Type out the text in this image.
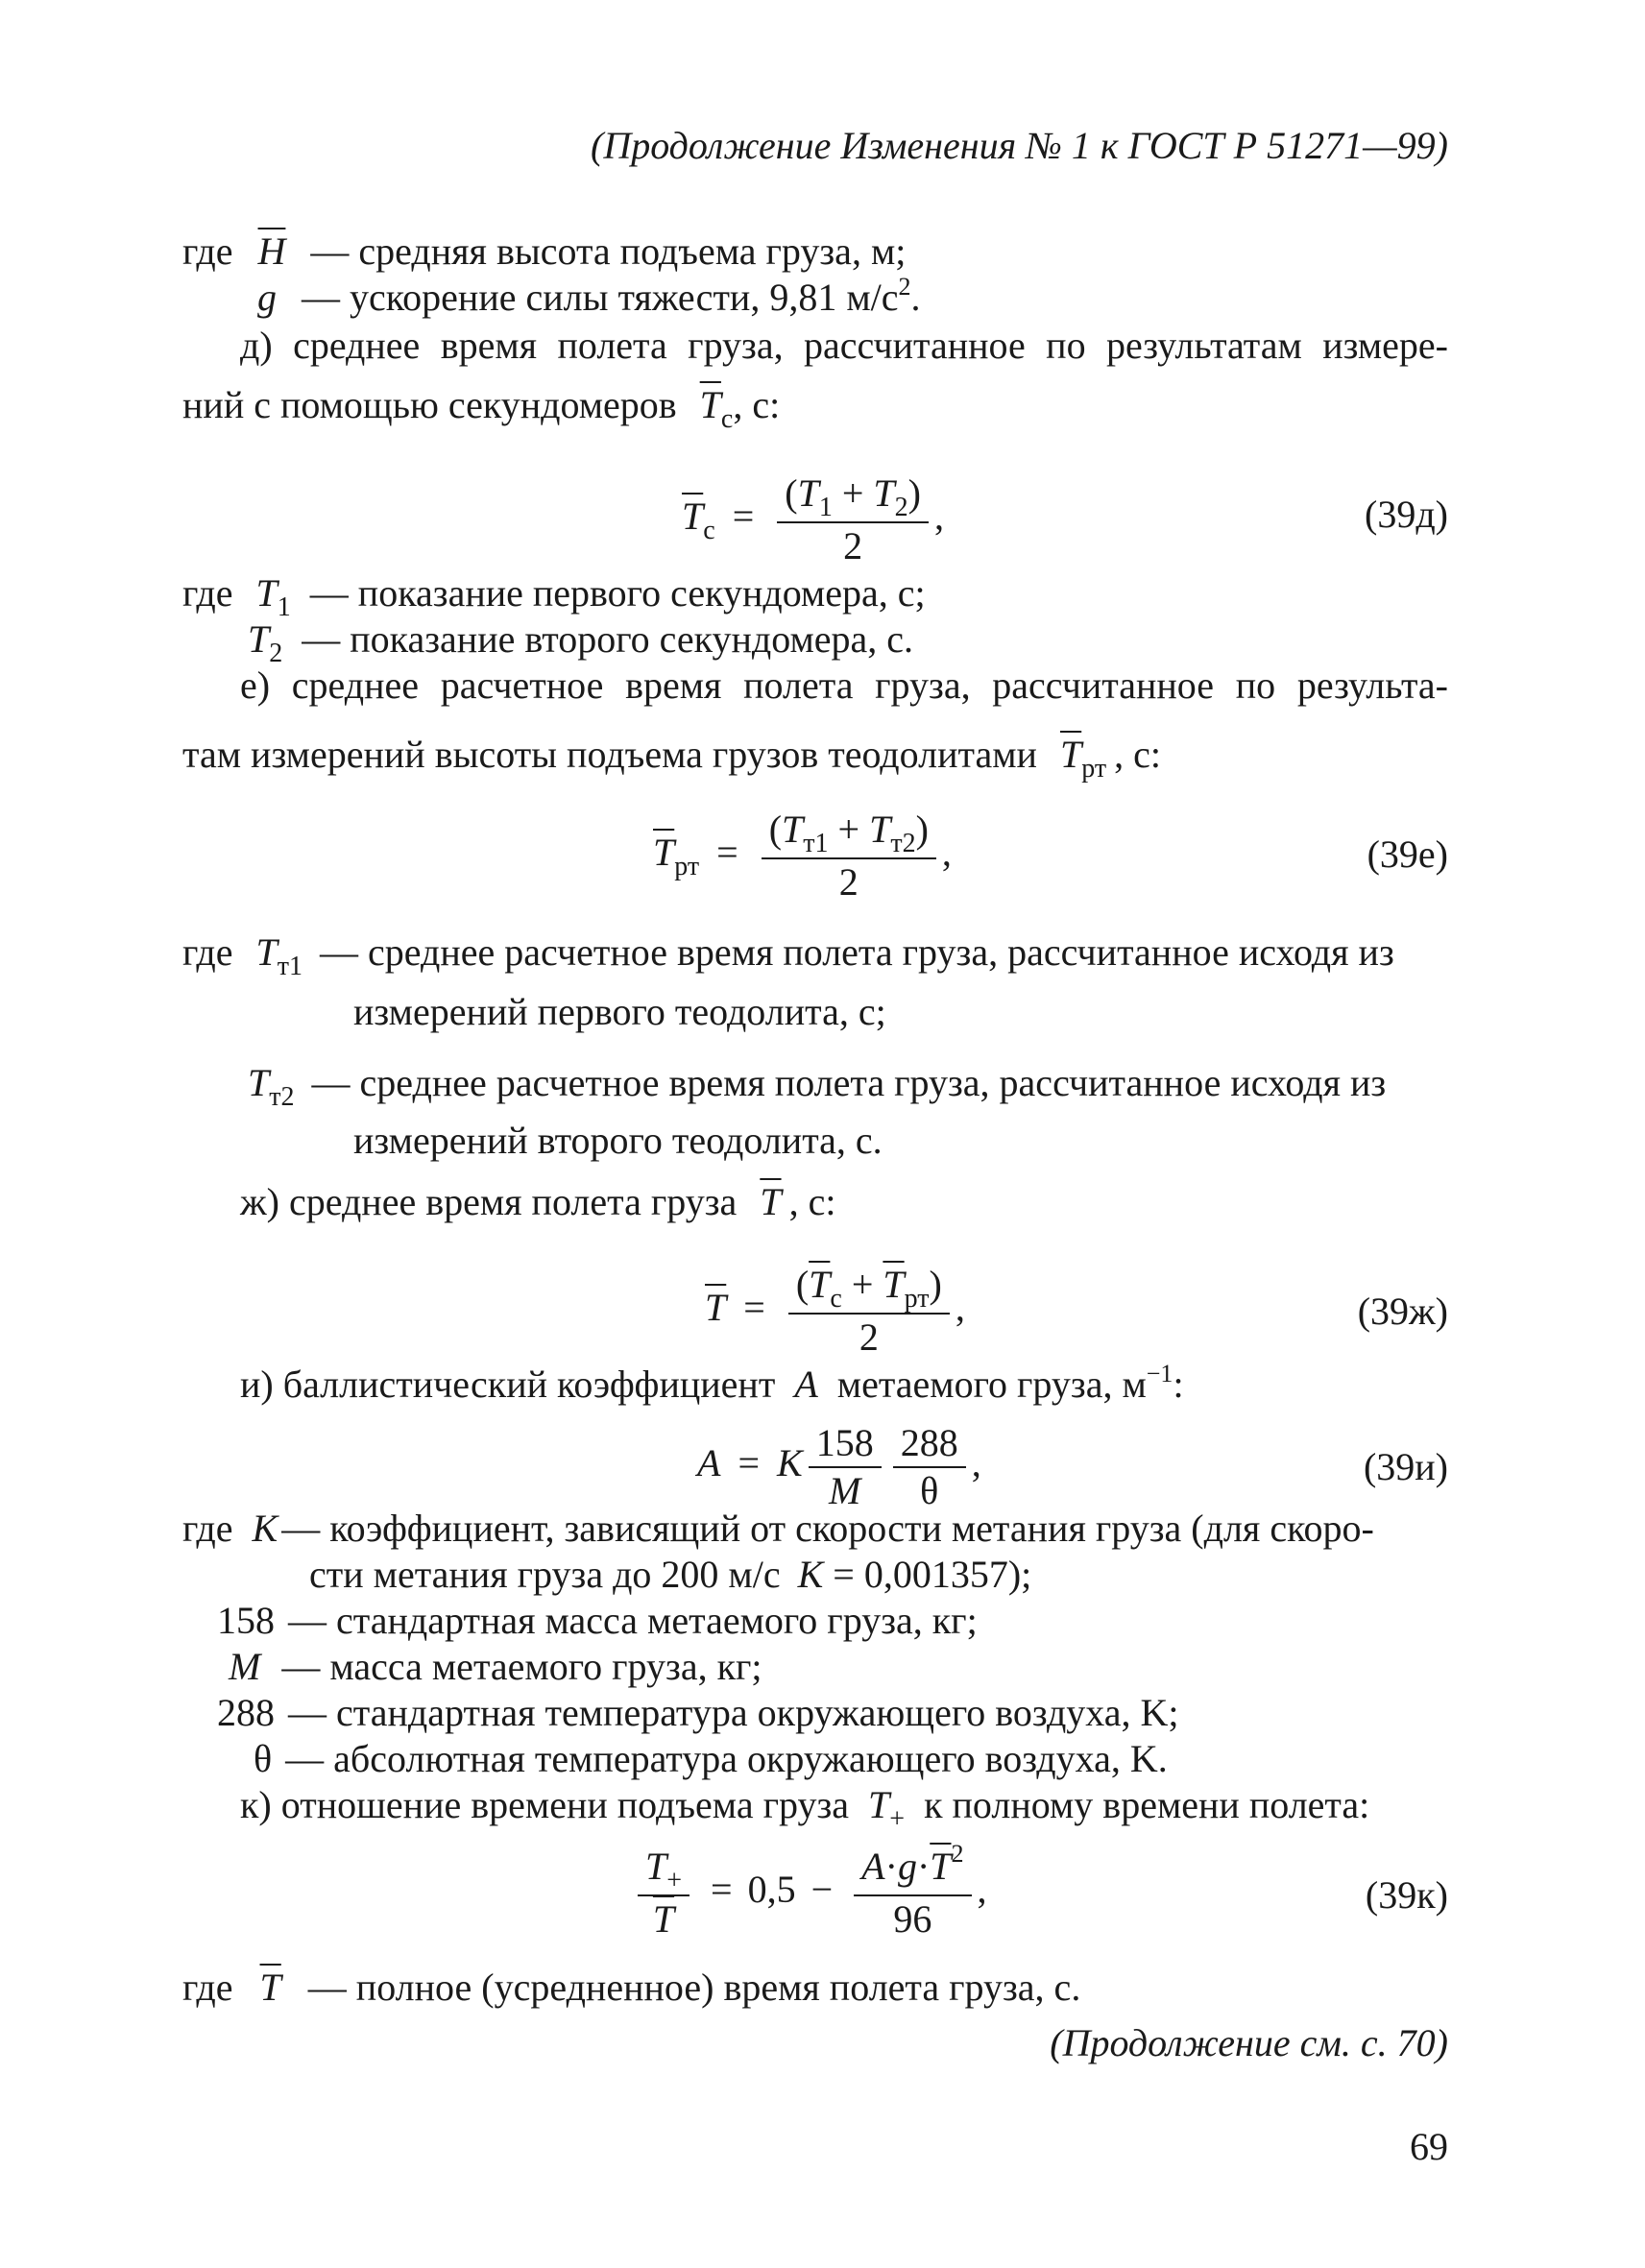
(Продолжение Изменения № 1 к ГОСТ Р 51271—99)
где $\overline{H}$ — средняя высота подъема груза, м;
g — ускорение силы тяжести, 9,81 $м/с^2$.
д) среднее время полета груза, рассчитанное по результатам измере-
ний с помощью секундомеров $\overline{T}_с$, с:
$\overline{T}_с = \frac{(T_1 + T_2)}{2}$ ,	(39д)
где $T_1$ — показание первого секундомера, с;
$T_2$ — показание второго секундомера, с.
е) среднее расчетное время полета груза, рассчитанное по результа-
там измерений высоты подъема грузов теодолитами $\overline{T}_{рт}$ , с:
$\overline{T}_{рт} = \frac{(T_{т1} + T_{т2})}{2}$ ,	(39е)
где $T_{т1}$ — среднее расчетное время полета груза, рассчитанное исходя из
измерений первого теодолита, с;
$T_{т2}$ — среднее расчетное время полета груза, рассчитанное исходя из
измерений второго теодолита, с.
ж) среднее время полета груза $\overline{T}$ , с:
$\overline{T} = \frac{(\overline{T}_с + \overline{T}_{рт})}{2}$ ,	(39ж)
и) баллистический коэффициент A метаемого груза, $м^{-1}$:
A = K $\frac{158}{M} \frac{288}{\theta}$ ,	(39и)
где K — коэффициент, зависящий от скорости метания груза (для скоро-
сти метания груза до 200 м/с K = 0,001357);
158 — стандартная масса метаемого груза, кг;
M — масса метаемого груза, кг;
288 — стандартная температура окружающего воздуха, K;
θ — абсолютная температура окружающего воздуха, K.
к) отношение времени подъема груза $T_+$ к полному времени полета:
$\frac{T_+}{T} = 0,5 - \frac{A\cdot g\cdot\overline{T}^2}{96}$ ,	(39к)
где $\overline{T}$ — полное (усредненное) время полета груза, с.
(Продолжение см. с. 70)
69
